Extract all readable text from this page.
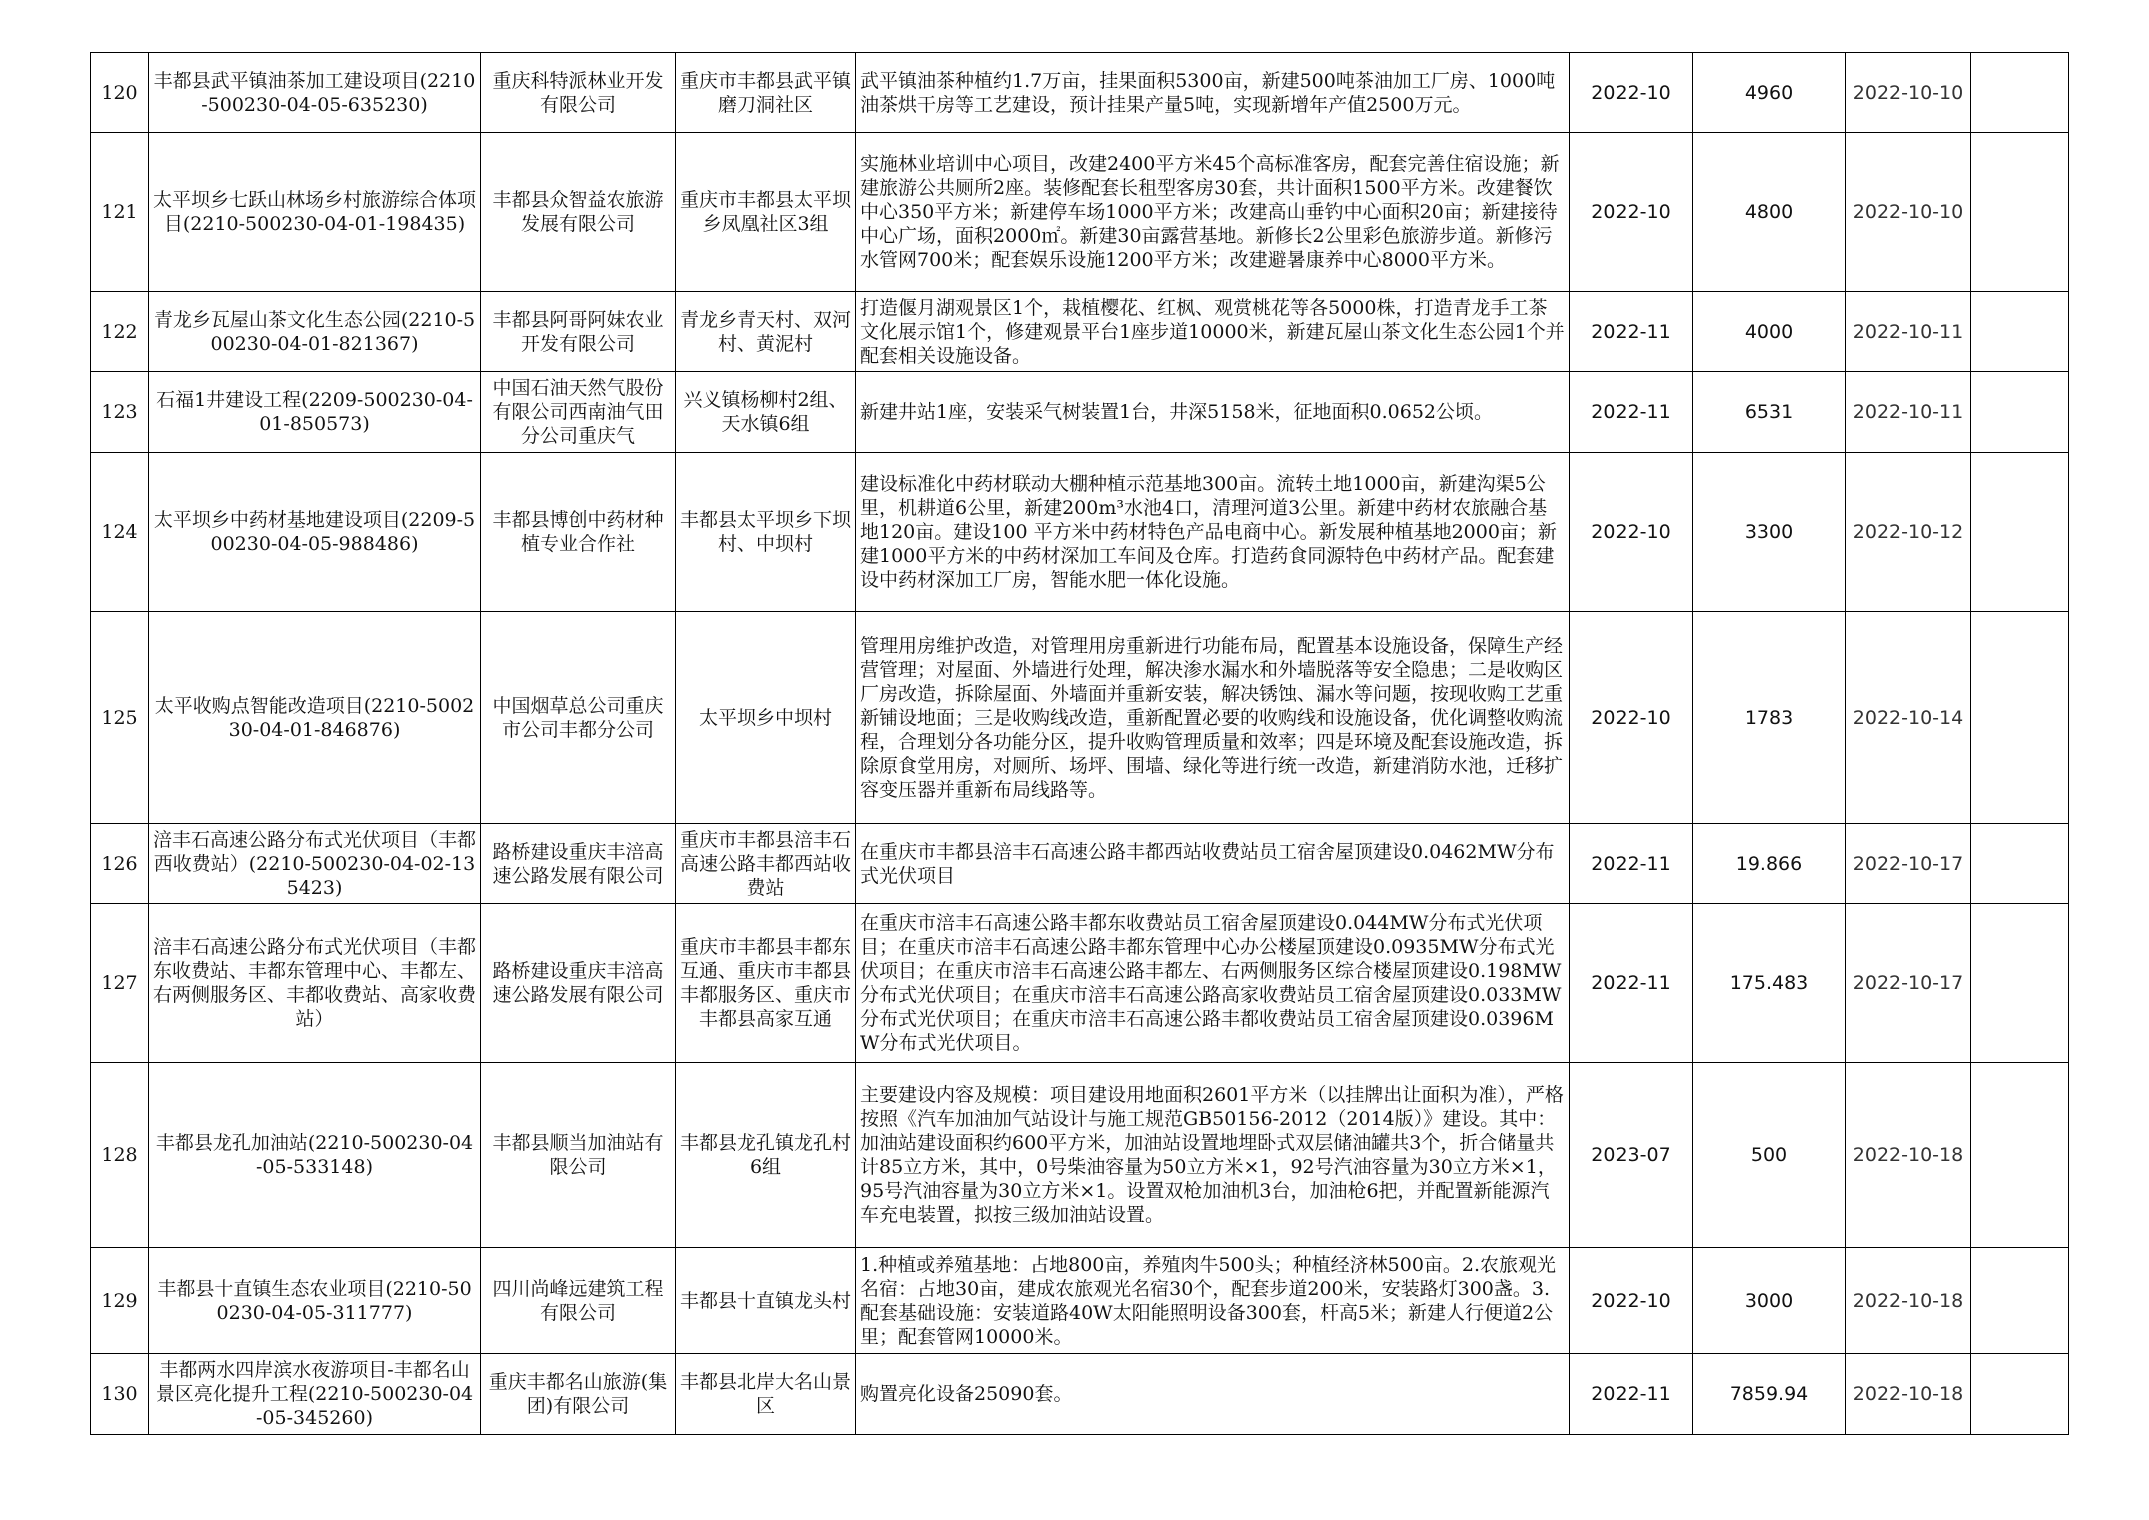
120	丰都县武平镇油茶加工建设项目(2210-500230-04-05-635230)	重庆科特派林业开发有限公司	重庆市丰都县武平镇磨刀洞社区	武平镇油茶种植约1.7万亩，挂果面积5300亩，新建500吨茶油加工厂房、1000吨油茶烘干房等工艺建设，预计挂果产量5吨，实现新增年产值2500万元。	2022-10	4960	2022-10-10	
121	太平坝乡七跃山林场乡村旅游综合体项目(2210-500230-04-01-198435)	丰都县众智益农旅游发展有限公司	重庆市丰都县太平坝乡凤凰社区3组	实施林业培训中心项目，改建2400平方米45个高标准客房，配套完善住宿设施；新建旅游公共厕所2座。装修配套长租型客房30套，共计面积1500平方米。改建餐饮中心350平方米；新建停车场1000平方米；改建高山垂钓中心面积20亩；新建接待中心广场，面积2000㎡。新建30亩露营基地。新修长2公里彩色旅游步道。新修污水管网700米；配套娱乐设施1200平方米；改建避暑康养中心8000平方米。	2022-10	4800	2022-10-10	
122	青龙乡瓦屋山茶文化生态公园(2210-500230-04-01-821367)	丰都县阿哥阿妹农业开发有限公司	青龙乡青天村、双河村、黄泥村	打造偃月湖观景区1个，栽植樱花、红枫、观赏桃花等各5000株，打造青龙手工茶文化展示馆1个，修建观景平台1座步道10000米，新建瓦屋山茶文化生态公园1个并配套相关设施设备。	2022-11	4000	2022-10-11	
123	石福1井建设工程(2209-500230-04-01-850573)	中国石油天然气股份有限公司西南油气田分公司重庆气	兴义镇杨柳村2组、天水镇6组	新建井站1座，安装采气树装置1台，井深5158米，征地面积0.0652公顷。	2022-11	6531	2022-10-11	
124	太平坝乡中药材基地建设项目(2209-500230-04-05-988486)	丰都县博创中药材种植专业合作社	丰都县太平坝乡下坝村、中坝村	建设标准化中药材联动大棚种植示范基地300亩。流转土地1000亩，新建沟渠5公里，机耕道6公里，新建200m³水池4口，清理河道3公里。新建中药材农旅融合基地120亩。建设100 平方米中药材特色产品电商中心。新发展种植基地2000亩；新建1000平方米的中药材深加工车间及仓库。打造药食同源特色中药材产品。配套建设中药材深加工厂房，智能水肥一体化设施。	2022-10	3300	2022-10-12	
125	太平收购点智能改造项目(2210-500230-04-01-846876)	中国烟草总公司重庆市公司丰都分公司	太平坝乡中坝村	管理用房维护改造，对管理用房重新进行功能布局，配置基本设施设备，保障生产经营管理；对屋面、外墙进行处理，解决渗水漏水和外墙脱落等安全隐患；二是收购区厂房改造，拆除屋面、外墙面并重新安装，解决锈蚀、漏水等问题，按现收购工艺重新铺设地面；三是收购线改造，重新配置必要的收购线和设施设备，优化调整收购流程，合理划分各功能分区，提升收购管理质量和效率；四是环境及配套设施改造，拆除原食堂用房，对厕所、场坪、围墙、绿化等进行统一改造，新建消防水池，迁移扩容变压器并重新布局线路等。	2022-10	1783	2022-10-14	
126	涪丰石高速公路分布式光伏项目（丰都西收费站）(2210-500230-04-02-135423)	路桥建设重庆丰涪高速公路发展有限公司	重庆市丰都县涪丰石高速公路丰都西站收费站	在重庆市丰都县涪丰石高速公路丰都西站收费站员工宿舍屋顶建设0.0462MW分布式光伏项目	2022-11	19.866	2022-10-17	
127	涪丰石高速公路分布式光伏项目（丰都东收费站、丰都东管理中心、丰都左、右两侧服务区、丰都收费站、高家收费站）	路桥建设重庆丰涪高速公路发展有限公司	重庆市丰都县丰都东互通、重庆市丰都县丰都服务区、重庆市丰都县高家互通	在重庆市涪丰石高速公路丰都东收费站员工宿舍屋顶建设0.044MW分布式光伏项目；在重庆市涪丰石高速公路丰都东管理中心办公楼屋顶建设0.0935MW分布式光伏项目；在重庆市涪丰石高速公路丰都左、右两侧服务区综合楼屋顶建设0.198MW分布式光伏项目；在重庆市涪丰石高速公路高家收费站员工宿舍屋顶建设0.033MW分布式光伏项目；在重庆市涪丰石高速公路丰都收费站员工宿舍屋顶建设0.0396MW分布式光伏项目。	2022-11	175.483	2022-10-17	
128	丰都县龙孔加油站(2210-500230-04-05-533148)	丰都县顺当加油站有限公司	丰都县龙孔镇龙孔村6组	主要建设内容及规模：项目建设用地面积2601平方米（以挂牌出让面积为准），严格按照《汽车加油加气站设计与施工规范GB50156-2012（2014版）》建设。其中：加油站建设面积约600平方米，加油站设置地埋卧式双层储油罐共3个，折合储量共计85立方米，其中，0号柴油容量为50立方米×1，92号汽油容量为30立方米×1，95号汽油容量为30立方米×1。设置双枪加油机3台，加油枪6把，并配置新能源汽车充电装置，拟按三级加油站设置。	2023-07	500	2022-10-18	
129	丰都县十直镇生态农业项目(2210-500230-04-05-311777)	四川尚峰远建筑工程有限公司	丰都县十直镇龙头村	1.种植或养殖基地：占地800亩，养殖肉牛500头；种植经济林500亩。2.农旅观光名宿：占地30亩，建成农旅观光名宿30个，配套步道200米，安装路灯300盏。3.配套基础设施：安装道路40W太阳能照明设备300套，杆高5米；新建人行便道2公里；配套管网10000米。	2022-10	3000	2022-10-18	
130	丰都两水四岸滨水夜游项目-丰都名山景区亮化提升工程(2210-500230-04-05-345260)	重庆丰都名山旅游(集团)有限公司	丰都县北岸大名山景区	购置亮化设备25090套。	2022-11	7859.94	2022-10-18	
